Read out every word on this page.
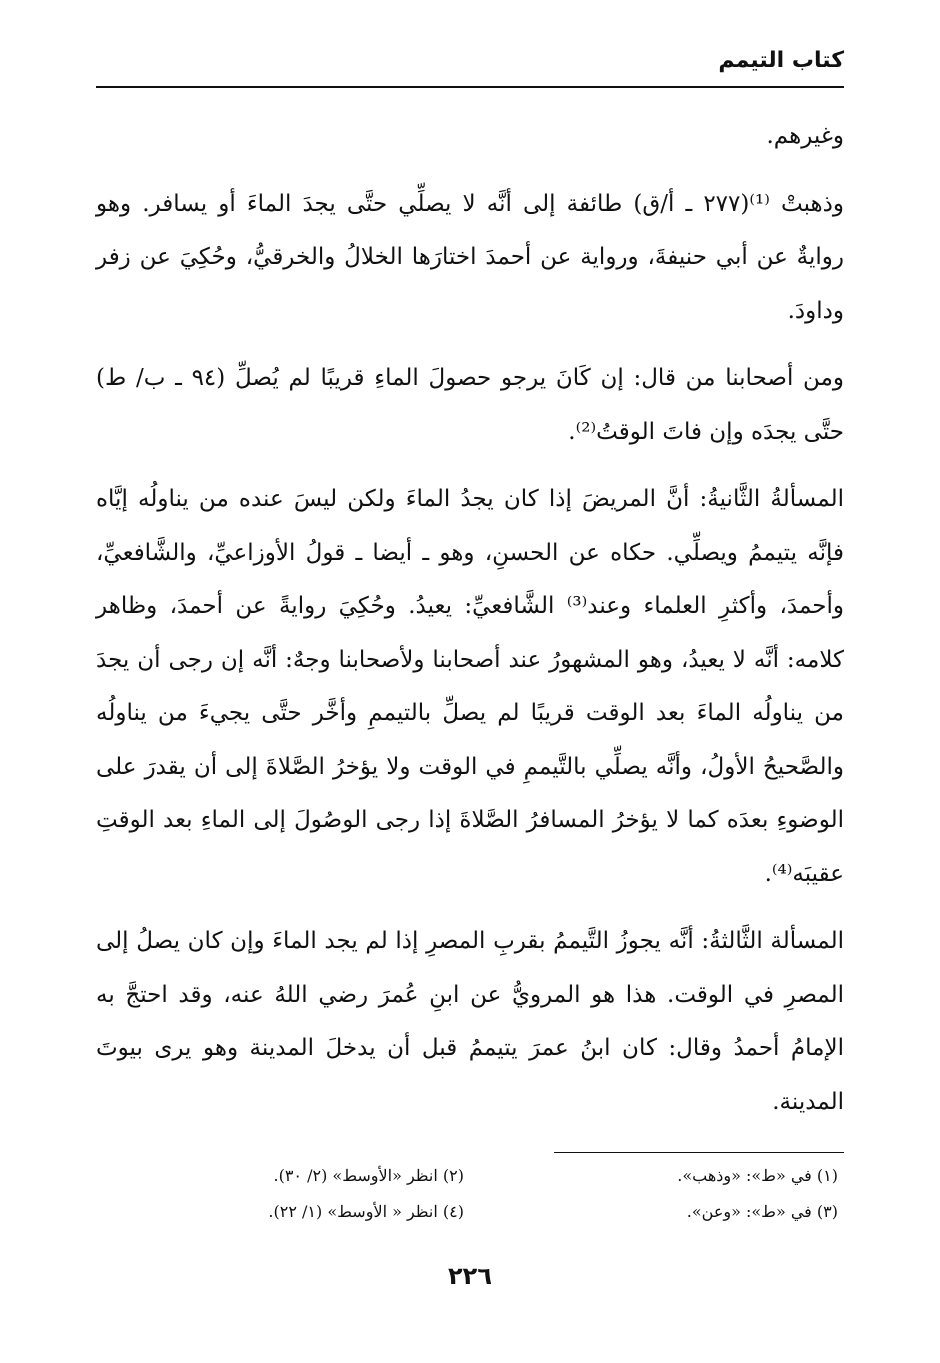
كتاب التيمم

وغيرهم.

وذهبتْ ⁽¹⁾(٢٧٧ ـ أ/ق) طائفة إلى أنَّه لا يصلِّي حتَّى يجدَ الماءَ أو يسافر. وهو روايةٌ عن أبي حنيفةَ، ورواية عن أحمدَ اختارَها الخلالُ والخرقيُّ، وحُكِيَ عن زفر وداودَ.

ومن أصحابنا من قال: إن كَانَ يرجو حصولَ الماءِ قريبًا لم يُصلِّ (٩٤ ـ ب/ ط) حتَّى يجدَه وإن فاتَ الوقتُ⁽²⁾.

المسألةُ الثَّانيةُ: أنَّ المريضَ إذا كان يجدُ الماءَ ولكن ليسَ عنده من يناولُه إيَّاه فإنَّه يتيممُ ويصلِّي. حكاه عن الحسنِ، وهو ـ أيضا ـ قولُ الأوزاعيِّ، والشَّافعيِّ، وأحمدَ، وأكثرِ العلماء وعند⁽³⁾ الشَّافعيِّ: يعيدُ. وحُكِيَ روايةً عن أحمدَ، وظاهر كلامه: أنَّه لا يعيدُ، وهو المشهورُ عند أصحابنا ولأصحابنا وجهٌ: أنَّه إن رجى أن يجدَ من يناولُه الماءَ بعد الوقت قريبًا لم يصلِّ بالتيممِ وأخَّر حتَّى يجيءَ من يناولُه والصَّحيحُ الأولُ، وأنَّه يصلِّي بالتَّيممِ في الوقت ولا يؤخرُ الصَّلاةَ إلى أن يقدرَ على الوضوءِ بعدَه كما لا يؤخرُ المسافرُ الصَّلاةَ إذا رجى الوصُولَ إلى الماءِ بعد الوقتِ عقيبَه⁽⁴⁾.

المسألة الثَّالثةُ: أنَّه يجوزُ التَّيممُ بقربِ المصرِ إذا لم يجد الماءَ وإن كان يصلُ إلى المصرِ في الوقت. هذا هو المرويُّ عن ابنِ عُمرَ رضي اللهُ عنه، وقد احتجَّ به الإمامُ أحمدُ وقال: كان ابنُ عمرَ يتيممُ قبل أن يدخلَ المدينة وهو يرى بيوتَ المدينة.

(١) في «ط»: «وذهب».
(٢) انظر «الأوسط» (٢/ ٣٠).
(٣) في «ط»: «وعن».
(٤) انظر « الأوسط» (١/ ٢٢).
٢٢٦
